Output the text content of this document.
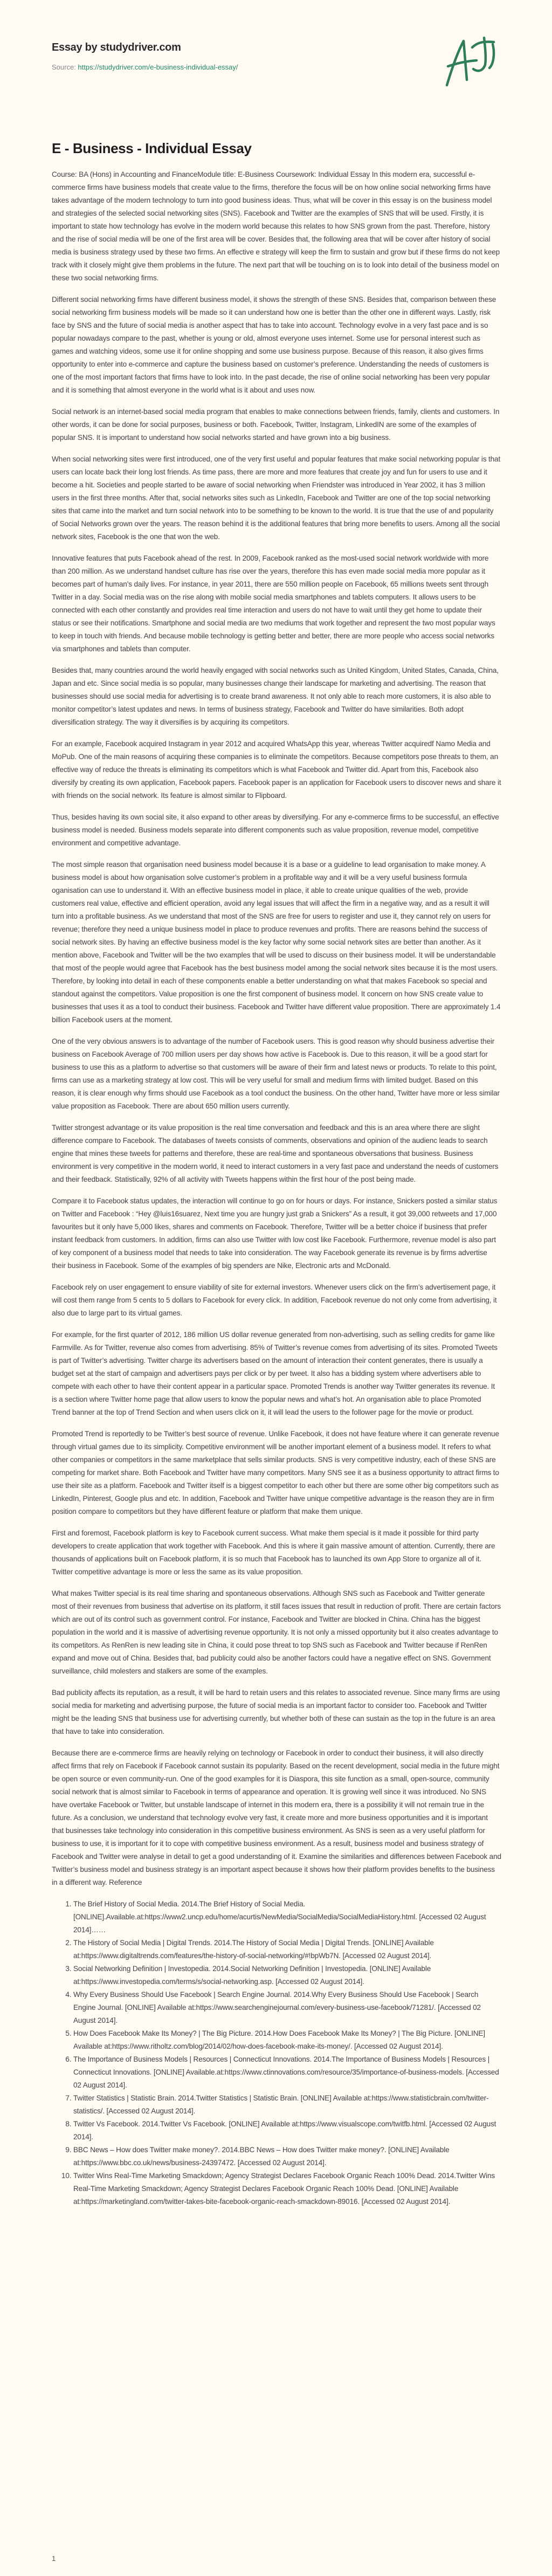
Essay by studydriver.com
Source: https://studydriver.com/e-business-individual-essay/
E - Business - Individual Essay

Course: BA (Hons) in Accounting and FinanceModule title: E-Business Coursework: Individual Essay In this modern era, successful e-commerce firms have business models that create value to the firms, therefore the focus will be on how online social networking firms have takes advantage of the modern technology to turn into good business ideas. Thus, what will be cover in this essay is on the business model and strategies of the selected social networking sites (SNS). Facebook and Twitter are the examples of SNS that will be used. Firstly, it is important to state how technology has evolve in the modern world because this relates to how SNS grown from the past. Therefore, history and the rise of social media will be one of the first area will be cover. Besides that, the following area that will be cover after history of social media is business strategy used by these two firms. An effective e strategy will keep the firm to sustain and grow but if these firms do not keep track with it closely might give them problems in the future. The next part that will be touching on is to look into detail of the business model on these two social networking firms.

Different social networking firms have different business model, it shows the strength of these SNS. Besides that, comparison between these social networking firm business models will be made so it can understand how one is better than the other one in different ways. Lastly, risk face by SNS and the future of social media is another aspect that has to take into account. Technology evolve in a very fast pace and is so popular nowadays compare to the past, whether is young or old, almost everyone uses internet. Some use for personal interest such as games and watching videos, some use it for online shopping and some use business purpose. Because of this reason, it also gives firms opportunity to enter into e-commerce and capture the business based on customer’s preference. Understanding the needs of customers is one of the most important factors that firms have to look into. In the past decade, the rise of online social networking has been very popular and it is something that almost everyone in the world what is it about and uses now.

Social network is an internet-based social media program that enables to make connections between friends, family, clients and customers. In other words, it can be done for social purposes, business or both. Facebook, Twitter, Instagram, LinkedIN are some of the examples of popular SNS. It is important to understand how social networks started and have grown into a big business.

When social networking sites were first introduced, one of the very first useful and popular features that make social networking popular is that users can locate back their long lost friends. As time pass, there are more and more features that create joy and fun for users to use and it become a hit. Societies and people started to be aware of social networking when Friendster was introduced in Year 2002, it has 3 million users in the first three months. After that, social networks sites such as LinkedIn, Facebook and Twitter are one of the top social networking sites that came into the market and turn social network into to be something to be known to the world. It is true that the use of and popularity of Social Networks grown over the years. The reason behind it is the additional features that bring more benefits to users. Among all the social network sites, Facebook is the one that won the web.

Innovative features that puts Facebook ahead of the rest. In 2009, Facebook ranked as the most-used social network worldwide with more than 200 million. As we understand handset culture has rise over the years, therefore this has even made social media more popular as it becomes part of human’s daily lives. For instance, in year 2011, there are 550 million people on Facebook, 65 millions tweets sent through Twitter in a day. Social media was on the rise along with mobile social media smartphones and tablets computers. It allows users to be connected with each other constantly and provides real time interaction and users do not have to wait until they get home to update their status or see their notifications. Smartphone and social media are two mediums that work together and represent the two most popular ways to keep in touch with friends. And because mobile technology is getting better and better, there are more people who access social networks via smartphones and tablets than computer.

Besides that, many countries around the world heavily engaged with social networks such as United Kingdom, United States, Canada, China, Japan and etc. Since social media is so popular, many businesses change their landscape for marketing and advertising. The reason that businesses should use social media for advertising is to create brand awareness. It not only able to reach more customers, it is also able to monitor competitor’s latest updates and news. In terms of business strategy, Facebook and Twitter do have similarities. Both adopt diversification strategy. The way it diversifies is by acquiring its competitors.

For an example, Facebook acquired Instagram in year 2012 and acquired WhatsApp this year, whereas Twitter acquiredf Namo Media and MoPub. One of the main reasons of acquiring these companies is to eliminate the competitors. Because competitors pose threats to them, an effective way of reduce the threats is eliminating its competitors which is what Facebook and Twitter did. Apart from this, Facebook also diversify by creating its own application, Facebook papers. Facebook paper is an application for Facebook users to discover news and share it with friends on the social network. Its feature is almost similar to Flipboard.

Thus, besides having its own social site, it also expand to other areas by diversifying. For any e-commerce firms to be successful, an effective business model is needed. Business models separate into different components such as value proposition, revenue model, competitive environment and competitive advantage.

The most simple reason that organisation need business model because it is a base or a guideline to lead organisation to make money. A business model is about how organisation solve customer’s problem in a profitable way and it will be a very useful business formula oganisation can use to understand it. With an effective business model in place, it able to create unique qualities of the web, provide customers real value, effective and efficient operation, avoid any legal issues that will affect the firm in a negative way, and as a result it will turn into a profitable business. As we understand that most of the SNS are free for users to register and use it, they cannot rely on users for revenue; therefore they need a unique business model in place to produce revenues and profits. There are reasons behind the success of social network sites. By having an effective business model is the key factor why some social network sites are better than another. As it mention above, Facebook and Twitter will be the two examples that will be used to discuss on their business model. It will be understandable that most of the people would agree that Facebook has the best business model among the social network sites because it is the most users. Therefore, by looking into detail in each of these components enable a better understanding on what that makes Facebook so special and standout against the competitors. Value proposition is one the first component of business model. It concern on how SNS create value to businesses that uses it as a tool to conduct their business. Facebook and Twitter have different value proposition. There are approximately 1.4 billion Facebook users at the moment.

One of the very obvious answers is to advantage of the number of Facebook users. This is good reason why should business advertise their business on Facebook Average of 700 million users per day shows how active is Facebook is. Due to this reason, it will be a good start for business to use this as a platform to advertise so that customers will be aware of their firm and latest news or products. To relate to this point, firms can use as a marketing strategy at low cost. This will be very useful for small and medium firms with limited budget. Based on this reason, it is clear enough why firms should use Facebook as a tool conduct the business. On the other hand, Twitter have more or less similar value proposition as Facebook. There are about 650 million users currently.

Twitter strongest advantage or its value proposition is the real time conversation and feedback and this is an area where there are slight difference compare to Facebook. The databases of tweets consists of comments, observations and opinion of the audienc leads to search engine that mines these tweets for patterns and therefore, these are real-time and spontaneous obversations that business. Business environment is very competitive in the modern world, it need to interact customers in a very fast pace and understand the needs of customers and their feedback. Statistically, 92% of all activity with Tweets happens within the first hour of the post being made.

Compare it to Facebook status updates, the interaction will continue to go on for hours or days. For instance, Snickers posted a similar status on Twitter and Facebook : “Hey @luis16suarez, Next time you are hungry just grab a Snickers” As a result, it got 39,000 retweets and 17,000 favourites but it only have 5,000 likes, shares and comments on Facebook. Therefore, Twitter will be a better choice if business that prefer instant feedback from customers. In addition, firms can also use Twitter with low cost like Facebook. Furthermore, revenue model is also part of key component of a business model that needs to take into consideration. The way Facebook generate its revenue is by firms advertise their business in Facebook. Some of the examples of big spenders are Nike, Electronic arts and McDonald.

Facebook rely on user engagement to ensure viability of site for external investors. Whenever users click on the firm’s advertisement page, it will cost them range from 5 cents to 5 dollars to Facebook for every click. In addition, Facebook revenue do not only come from advertising, it also due to large part to its virtual games.

For example, for the first quarter of 2012, 186 million US dollar revenue generated from non-advertising, such as selling credits for game like Farmville. As for Twitter, revenue also comes from advertising. 85% of Twitter’s revenue comes from advertising of its sites. Promoted Tweets is part of Twitter’s advertising. Twitter charge its advertisers based on the amount of interaction their content generates, there is usually a budget set at the start of campaign and advertisers pays per click or by per tweet. It also has a bidding system where advertisers able to compete with each other to have their content appear in a particular space. Promoted Trends is another way Twitter generates its revenue. It is a section where Twitter home page that allow users to know the popular news and what’s hot. An organisation able to place Promoted Trend banner at the top of Trend Section and when users click on it, it will lead the users to the follower page for the movie or product.

Promoted Trend is reportedly to be Twitter’s best source of revenue. Unlike Facebook, it does not have feature where it can generate revenue through virtual games due to its simplicity. Competitive environment will be another important element of a business model. It refers to what other companies or competitors in the same marketplace that sells similar products. SNS is very competitive industry, each of these SNS are competing for market share. Both Facebook and Twitter have many competitors. Many SNS see it as a business opportunity to attract firms to use their site as a platform. Facebook and Twitter itself is a biggest competitor to each other but there are some other big competitors such as LinkedIn, Pinterest, Google plus and etc. In addition, Facebook and Twitter have unique competitive advantage is the reason they are in firm position compare to competitors but they have different feature or platform that make them unique.

First and foremost, Facebook platform is key to Facebook current success. What make them special is it made it possible for third party developers to create application that work together with Facebook. And this is where it gain massive amount of attention. Currently, there are thousands of applications built on Facebook platform, it is so much that Facebook has to launched its own App Store to organize all of it. Twitter competitive advantage is more or less the same as its value proposition.

What makes Twitter special is its real time sharing and spontaneous observations. Although SNS such as Facebook and Twitter generate most of their revenues from business that advertise on its platform, it still faces issues that result in reduction of profit. There are certain factors which are out of its control such as government control. For instance, Facebook and Twitter are blocked in China. China has the biggest population in the world and it is massive of advertising revenue opportunity. It is not only a missed opportunity but it also creates advantage to its competitors. As RenRen is new leading site in China, it could pose threat to top SNS such as Facebook and Twitter because if RenRen expand and move out of China. Besides that, bad publicity could also be another factors could have a negative effect on SNS. Government surveillance, child molesters and stalkers are some of the examples.

Bad publicity affects its reputation, as a result, it will be hard to retain users and this relates to associated revenue. Since many firms are using social media for marketing and advertising purpose, the future of social media is an important factor to consider too. Facebook and Twitter might be the leading SNS that business use for advertising currently, but whether both of these can sustain as the top in the future is an area that have to take into consideration.

Because there are e-commerce firms are heavily relying on technology or Facebook in order to conduct their business, it will also directly affect firms that rely on Facebook if Facebook cannot sustain its popularity. Based on the recent development, social media in the future might be open source or even community-run. One of the good examples for it is Diaspora, this site function as a small, open-source, community social network that is almost similar to Facebook in terms of appearance and operation. It is growing well since it was introduced. No SNS have overtake Facebook or Twitter, but unstable landscape of internet in this modern era, there is a possibility it will not remain true in the future. As a conclusion, we understand that technology evolve very fast, it create more and more business opportunities and it is important that businesses take technology into consideration in this competitive business environment. As SNS is seen as a very useful platform for business to use, it is important for it to cope with competitive business environment. As a result, business model and business strategy of Facebook and Twitter were analyse in detail to get a good understanding of it. Examine the similarities and differences between Facebook and Twitter’s business model and business strategy is an important aspect because it shows how their platform provides benefits to the business in a different way. Reference

1. The Brief History of Social Media. 2014.The Brief History of Social Media. [ONLINE].Available.at:https://www2.uncp.edu/home/acurtis/NewMedia/SocialMedia/SocialMediaHistory.html. [Accessed 02 August 2014]……
2. The History of Social Media | Digital Trends. 2014.The History of Social Media | Digital Trends. [ONLINE] Available at:https://www.digitaltrends.com/features/the-history-of-social-networking/#!bpWb7N. [Accessed 02 August 2014].
3. Social Networking Definition | Investopedia. 2014.Social Networking Definition | Investopedia. [ONLINE] Available at:https://www.investopedia.com/terms/s/social-networking.asp. [Accessed 02 August 2014].
4. Why Every Business Should Use Facebook | Search Engine Journal. 2014.Why Every Business Should Use Facebook | Search Engine Journal. [ONLINE] Available at:https://www.searchenginejournal.com/every-business-use-facebook/71281/. [Accessed 02 August 2014].
5. How Does Facebook Make Its Money? | The Big Picture. 2014.How Does Facebook Make Its Money? | The Big Picture. [ONLINE] Available at:https://www.ritholtz.com/blog/2014/02/how-does-facebook-make-its-money/. [Accessed 02 August 2014].
6. The Importance of Business Models | Resources | Connecticut Innovations. 2014.The Importance of Business Models | Resources | Connecticut Innovations. [ONLINE] Available.at:https://www.ctinnovations.com/resource/35/importance-of-business-models. [Accessed 02 August 2014].
7. Twitter Statistics | Statistic Brain. 2014.Twitter Statistics | Statistic Brain. [ONLINE] Available at:https://www.statisticbrain.com/twitter-statistics/. [Accessed 02 August 2014].
8. Twitter Vs Facebook. 2014.Twitter Vs Facebook. [ONLINE] Available at:https://www.visualscope.com/twitfb.html. [Accessed 02 August 2014].
9. BBC News – How does Twitter make money?. 2014.BBC News – How does Twitter make money?. [ONLINE] Available at:https://www.bbc.co.uk/news/business-24397472. [Accessed 02 August 2014].
10. Twitter Wins Real-Time Marketing Smackdown; Agency Strategist Declares Facebook Organic Reach 100% Dead. 2014.Twitter Wins Real-Time Marketing Smackdown; Agency Strategist Declares Facebook Organic Reach 100% Dead. [ONLINE] Available at:https://marketingland.com/twitter-takes-bite-facebook-organic-reach-smackdown-89016. [Accessed 02 August 2014].
1
